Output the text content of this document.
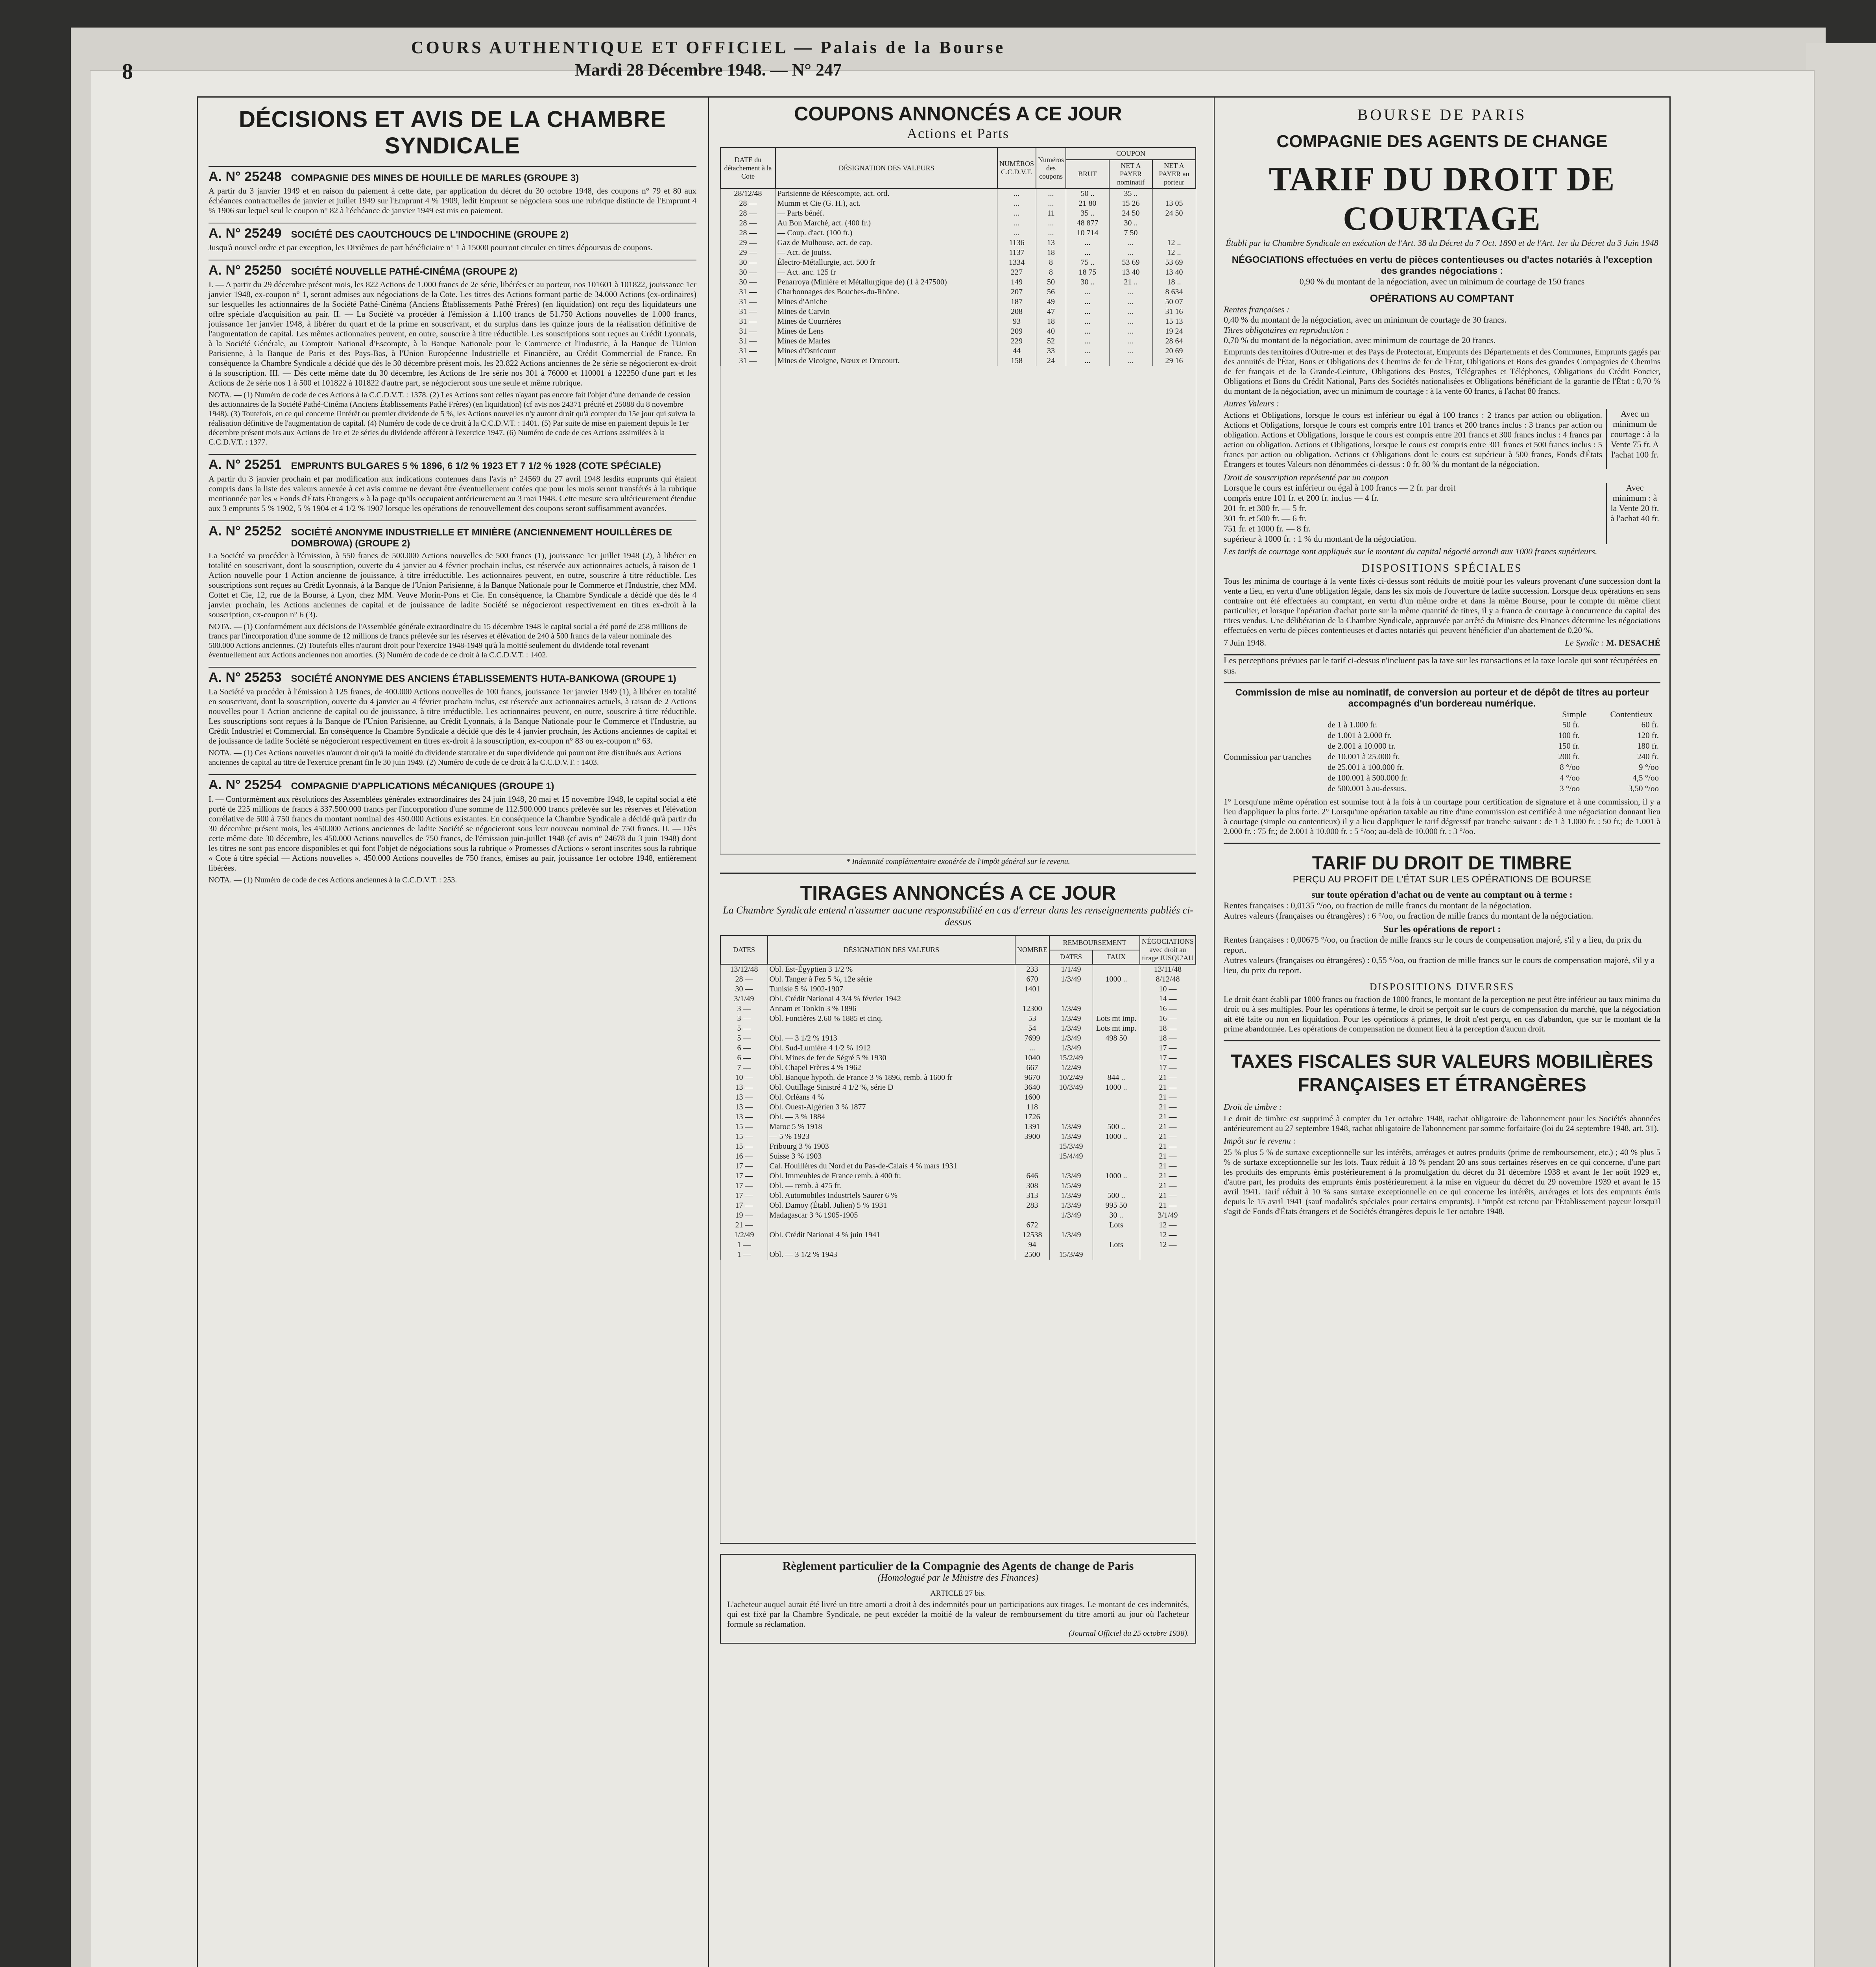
8
COURS AUTHENTIQUE ET OFFICIEL — Palais de la Bourse
Mardi 28 Décembre 1948. — N° 247
DÉCISIONS ET AVIS DE LA CHAMBRE SYNDICALE
A. N° 25248 COMPAGNIE DES MINES DE HOUILLE DE MARLES (GROUPE 3)
A partir du 3 janvier 1949 et en raison du paiement à cette date, par application du décret du 30 octobre 1948, des coupons n° 79 et 80 aux échéances contractuelles de janvier et juillet 1949 sur l'Emprunt 4 % 1909, ledit Emprunt se négociera sous une rubrique distincte de l'Emprunt 4 % 1906 sur lequel seul le coupon n° 82 à l'échéance de janvier 1949 est mis en paiement.
A. N° 25249 SOCIÉTÉ DES CAOUTCHOUCS DE L'INDOCHINE (GROUPE 2)
Jusqu'à nouvel ordre et par exception, les Dixièmes de part bénéficiaire n° 1 à 15000 pourront circuler en titres dépourvus de coupons.
A. N° 25250 SOCIÉTÉ NOUVELLE PATHÉ-CINÉMA (GROUPE 2)
I. — A partir du 29 décembre présent mois, les 822 Actions de 1.000 francs de 2e série, libérées et au porteur, nos 101601 à 101822, jouissance 1er janvier 1948, ex-coupon n° 1, seront admises aux négociations de la Cote. Les titres des Actions formant partie de 34.000 Actions (ex-ordinaires) sur lesquelles les actionnaires de la Société Pathé-Cinéma (Anciens Établissements Pathé Frères) (en liquidation) ont reçu des liquidateurs une offre spéciale d'acquisition au pair. II. — La Société va procéder à l'émission à 1.100 francs de 51.750 Actions nouvelles de 1.000 francs, jouissance 1er janvier 1948, à libérer du quart et de la prime en souscrivant, et du surplus dans les quinze jours de la réalisation définitive de l'augmentation de capital. Les mêmes actionnaires peuvent, en outre, souscrire à titre réductible. Les souscriptions sont reçues au Crédit Lyonnais, à la Société Générale, au Comptoir National d'Escompte, à la Banque Nationale pour le Commerce et l'Industrie, à la Banque de l'Union Parisienne, à la Banque de Paris et des Pays-Bas, à l'Union Européenne Industrielle et Financière, au Crédit Commercial de France. En conséquence la Chambre Syndicale a décidé que dès le 30 décembre présent mois, les 23.822 Actions anciennes de 2e série se négocieront ex-droit à la souscription. III. — Dès cette même date du 30 décembre, les Actions de 1re série nos 301 à 76000 et 110001 à 122250 d'une part et les Actions de 2e série nos 1 à 500 et 101822 à 101822 d'autre part, se négocieront sous une seule et même rubrique.
NOTA. — (1) Numéro de code de ces Actions à la C.C.D.V.T. : 1378. (2) Les Actions sont celles n'ayant pas encore fait l'objet d'une demande de cession des actionnaires de la Société Pathé-Cinéma (Anciens Établissements Pathé Frères) (en liquidation) (cf avis nos 24371 précité et 25088 du 8 novembre 1948). (3) Toutefois, en ce qui concerne l'intérêt ou premier dividende de 5 %, les Actions nouvelles n'y auront droit qu'à compter du 15e jour qui suivra la réalisation définitive de l'augmentation de capital. (4) Numéro de code de ce droit à la C.C.D.V.T. : 1401. (5) Par suite de mise en paiement depuis le 1er décembre présent mois aux Actions de 1re et 2e séries du dividende afférent à l'exercice 1947. (6) Numéro de code de ces Actions assimilées à la C.C.D.V.T. : 1377.
A. N° 25251 EMPRUNTS BULGARES 5 % 1896, 6 1/2 % 1923 ET 7 1/2 % 1928 (COTE SPÉCIALE)
A partir du 3 janvier prochain et par modification aux indications contenues dans l'avis n° 24569 du 27 avril 1948 lesdits emprunts qui étaient compris dans la liste des valeurs annexée à cet avis comme ne devant être éventuellement cotées que pour les mois seront transférés à la rubrique mentionnée par les « Fonds d'États Étrangers » à la page qu'ils occupaient antérieurement au 3 mai 1948. Cette mesure sera ultérieurement étendue aux 3 emprunts 5 % 1902, 5 % 1904 et 4 1/2 % 1907 lorsque les opérations de renouvellement des coupons seront suffisamment avancées.
A. N° 25252 SOCIÉTÉ ANONYME INDUSTRIELLE ET MINIÈRE (ANCIENNEMENT HOUILLÈRES DE DOMBROWA) (GROUPE 2)
La Société va procéder à l'émission, à 550 francs de 500.000 Actions nouvelles de 500 francs (1), jouissance 1er juillet 1948 (2), à libérer en totalité en souscrivant, dont la souscription, ouverte du 4 janvier au 4 février prochain inclus, est réservée aux actionnaires actuels, à raison de 1 Action nouvelle pour 1 Action ancienne de jouissance, à titre irréductible. Les actionnaires peuvent, en outre, souscrire à titre réductible. Les souscriptions sont reçues au Crédit Lyonnais, à la Banque de l'Union Parisienne, à la Banque Nationale pour le Commerce et l'Industrie, chez MM. Cottet et Cie, 12, rue de la Bourse, à Lyon, chez MM. Veuve Morin-Pons et Cie. En conséquence, la Chambre Syndicale a décidé que dès le 4 janvier prochain, les Actions anciennes de capital et de jouissance de ladite Société se négocieront respectivement en titres ex-droit à la souscription, ex-coupon n° 6 (3).
NOTA. — (1) Conformément aux décisions de l'Assemblée générale extraordinaire du 15 décembre 1948 le capital social a été porté de 258 millions de francs par l'incorporation d'une somme de 12 millions de francs prélevée sur les réserves et élévation de 240 à 500 francs de la valeur nominale des 500.000 Actions anciennes. (2) Toutefois elles n'auront droit pour l'exercice 1948-1949 qu'à la moitié seulement du dividende total revenant éventuellement aux Actions anciennes non amorties. (3) Numéro de code de ce droit à la C.C.D.V.T. : 1402.
A. N° 25253 SOCIÉTÉ ANONYME DES ANCIENS ÉTABLISSEMENTS HUTA-BANKOWA (GROUPE 1)
La Société va procéder à l'émission à 125 francs, de 400.000 Actions nouvelles de 100 francs, jouissance 1er janvier 1949 (1), à libérer en totalité en souscrivant, dont la souscription, ouverte du 4 janvier au 4 février prochain inclus, est réservée aux actionnaires actuels, à raison de 2 Actions nouvelles pour 1 Action ancienne de capital ou de jouissance, à titre irréductible. Les actionnaires peuvent, en outre, souscrire à titre réductible. Les souscriptions sont reçues à la Banque de l'Union Parisienne, au Crédit Lyonnais, à la Banque Nationale pour le Commerce et l'Industrie, au Crédit Industriel et Commercial. En conséquence la Chambre Syndicale a décidé que dès le 4 janvier prochain, les Actions anciennes de capital et de jouissance de ladite Société se négocieront respectivement en titres ex-droit à la souscription, ex-coupon n° 83 ou ex-coupon n° 63.
NOTA. — (1) Ces Actions nouvelles n'auront droit qu'à la moitié du dividende statutaire et du superdividende qui pourront être distribués aux Actions anciennes de capital au titre de l'exercice prenant fin le 30 juin 1949. (2) Numéro de code de ce droit à la C.C.D.V.T. : 1403.
A. N° 25254 COMPAGNIE D'APPLICATIONS MÉCANIQUES (GROUPE 1)
I. — Conformément aux résolutions des Assemblées générales extraordinaires des 24 juin 1948, 20 mai et 15 novembre 1948, le capital social a été porté de 225 millions de francs à 337.500.000 francs par l'incorporation d'une somme de 112.500.000 francs prélevée sur les réserves et l'élévation corrélative de 500 à 750 francs du montant nominal des 450.000 Actions existantes. En conséquence la Chambre Syndicale a décidé qu'à partir du 30 décembre présent mois, les 450.000 Actions anciennes de ladite Société se négocieront sous leur nouveau nominal de 750 francs. II. — Dès cette même date 30 décembre, les 450.000 Actions nouvelles de 750 francs, de l'émission juin-juillet 1948 (cf avis n° 24678 du 3 juin 1948) dont les titres ne sont pas encore disponibles et qui font l'objet de négociations sous la rubrique « Promesses d'Actions » seront inscrites sous la rubrique « Cote à titre spécial — Actions nouvelles ». 450.000 Actions nouvelles de 750 francs, émises au pair, jouissance 1er octobre 1948, entièrement libérées.
NOTA. — (1) Numéro de code de ces Actions anciennes à la C.C.D.V.T. : 253.
COUPONS ANNONCÉS A CE JOUR
Actions et Parts
DATE du détachement à la Cote	DÉSIGNATION DES VALEURS	NUMÉROS C.C.D.V.T.	Numéros des coupons	COUPON		
				BRUT	NET A PAYER nominatif	NET A PAYER au porteur
28/12/48	Parisienne de Réescompte, act. ord.	...	...	50 ..	35 ..	
28 —	Mumm et Cie (G. H.), act.	...	...	21 80	15 26	13 05
28 —	— Parts bénéf.	...	11	35 ..	24 50	24 50
28 —	Au Bon Marché, act. (400 fr.)	...	...	48 877	30 ..	
28 —	— Coup. d'act. (100 fr.)	...	...	10 714	7 50	
29 —	Gaz de Mulhouse, act. de cap.	1136	13	...	...	12 ..
29 —	— Act. de jouiss.	1137	18	...	...	12 ..
30 —	Électro-Métallurgie, act. 500 fr	1334	8	75 ..	53 69	53 69
30 —	— Act. anc. 125 fr	227	8	18 75	13 40	13 40
30 —	Penarroya (Minière et Métallurgique de) (1 à 247500)	149	50	30 ..	21 ..	18 ..
31 —	Charbonnages des Bouches-du-Rhône.	207	56	...	...	8 634
31 —	Mines d'Aniche	187	49	...	...	50 07
31 —	Mines de Carvin	208	47	...	...	31 16
31 —	Mines de Courrières	93	18	...	...	15 13
31 —	Mines de Lens	209	40	...	...	19 24
31 —	Mines de Marles	229	52	...	...	28 64
31 —	Mines d'Ostricourt	44	33	...	...	20 69
31 —	Mines de Vicoigne, Nœux et Drocourt.	158	24	...	...	29 16
* Indemnité complémentaire exonérée de l'impôt général sur le revenu.
TIRAGES ANNONCÉS A CE JOUR
La Chambre Syndicale entend n'assumer aucune responsabilité en cas d'erreur dans les renseignements publiés ci-dessus
DATES	DÉSIGNATION DES VALEURS	NOMBRE	REMBOURSEMENT		NÉGOCIATIONS avec droit au tirage JUSQU'AU
			DATES	TAUX	
13/12/48	Obl. Est-Égyptien 3 1/2 %	233	1/1/49		13/11/48
28 —	Obl. Tanger à Fez 5 %, 12e série	670	1/3/49	1000 ..	8/12/48
30 —	Tunisie 5 % 1902-1907	1401			10 —
3/1/49	Obl. Crédit National 4 3/4 % février 1942				14 —
3 —	Annam et Tonkin 3 % 1896	12300	1/3/49		16 —
3 —	Obl. Foncières 2.60 % 1885 et cinq.	53	1/3/49	Lots mt imp.	16 —
5 —		54	1/3/49	Lots mt imp.	18 —
5 —	Obl. — 3 1/2 % 1913	7699	1/3/49	498 50	18 —
6 —	Obl. Sud-Lumière 4 1/2 % 1912	...	1/3/49		17 —
6 —	Obl. Mines de fer de Ségré 5 % 1930	1040	15/2/49		17 —
7 —	Obl. Chapel Frères 4 % 1962	667	1/2/49		17 —
10 —	Obl. Banque hypoth. de France 3 % 1896, remb. à 1600 fr	9670	10/2/49	844 ..	21 —
13 —	Obl. Outillage Sinistré 4 1/2 %, série D	3640	10/3/49	1000 ..	21 —
13 —	Obl. Orléans 4 %	1600			21 —
13 —	Obl. Ouest-Algérien 3 % 1877	118			21 —
13 —	Obl. — 3 % 1884	1726			21 —
15 —	Maroc 5 % 1918	1391	1/3/49	500 ..	21 —
15 —	— 5 % 1923	3900	1/3/49	1000 ..	21 —
15 —	Fribourg 3 % 1903		15/3/49		21 —
16 —	Suisse 3 % 1903		15/4/49		21 —
17 —	Cal. Houillères du Nord et du Pas-de-Calais 4 % mars 1931				21 —
17 —	Obl. Immeubles de France remb. à 400 fr.	646	1/3/49	1000 ..	21 —
17 —	Obl. — remb. à 475 fr.	308	1/5/49		21 —
17 —	Obl. Automobiles Industriels Saurer 6 %	313	1/3/49	500 ..	21 —
17 —	Obl. Damoy (Établ. Julien) 5 % 1931	283	1/3/49	995 50	21 —
19 —	Madagascar 3 % 1905-1905		1/3/49	30 ..	3/1/49
21 —		672		Lots	12 —
1/2/49	Obl. Crédit National 4 % juin 1941	12538	1/3/49		12 —
1 —		94		Lots	12 —
1 —	Obl. — 3 1/2 % 1943	2500	15/3/49		
Règlement particulier de la Compagnie des Agents de change de Paris
(Homologué par le Ministre des Finances)
ARTICLE 27 bis.
L'acheteur auquel aurait été livré un titre amorti a droit à des indemnités pour un participations aux tirages. Le montant de ces indemnités, qui est fixé par la Chambre Syndicale, ne peut excéder la moitié de la valeur de remboursement du titre amorti au jour où l'acheteur formule sa réclamation.
(Journal Officiel du 25 octobre 1938).
BOURSE DE PARIS
COMPAGNIE DES AGENTS DE CHANGE
TARIF DU DROIT DE COURTAGE
Établi par la Chambre Syndicale en exécution de l'Art. 38 du Décret du 7 Oct. 1890 et de l'Art. 1er du Décret du 3 Juin 1948
NÉGOCIATIONS effectuées en vertu de pièces contentieuses ou d'actes notariés à l'exception des grandes négociations :
0,90 % du montant de la négociation, avec un minimum de courtage de 150 francs
OPÉRATIONS AU COMPTANT
Rentes françaises :
0,40 % du montant de la négociation, avec un minimum de courtage de 30 francs.
Titres obligataires en reproduction :
0,70 % du montant de la négociation, avec minimum de courtage de 20 francs.
Emprunts des territoires d'Outre-mer et des Pays de Protectorat, Emprunts des Départements et des Communes, Emprunts gagés par des annuités de l'État, Bons et Obligations des Chemins de fer de l'État, Obligations et Bons des grandes Compagnies de Chemins de fer français et de la Grande-Ceinture, Obligations des Postes, Télégraphes et Téléphones, Obligations du Crédit Foncier, Obligations et Bons du Crédit National, Parts des Sociétés nationalisées et Obligations bénéficiant de la garantie de l'État : 0,70 % du montant de la négociation, avec un minimum de courtage : à la vente 60 francs, à l'achat 80 francs.
Autres Valeurs :
Actions et Obligations, lorsque le cours est inférieur ou égal à 100 francs : 2 francs par action ou obligation. Actions et Obligations, lorsque le cours est compris entre 101 francs et 200 francs inclus : 3 francs par action ou obligation. Actions et Obligations, lorsque le cours est compris entre 201 francs et 300 francs inclus : 4 francs par action ou obligation. Actions et Obligations, lorsque le cours est compris entre 301 francs et 500 francs inclus : 5 francs par action ou obligation. Actions et Obligations dont le cours est supérieur à 500 francs, Fonds d'États Étrangers et toutes Valeurs non dénommées ci-dessus : 0 fr. 80 % du montant de la négociation.
Avec un minimum de courtage : à la Vente 75 fr. A l'achat 100 fr.
Droit de souscription représenté par un coupon
Lorsque le cours est inférieur ou égal à 100 francs — 2 fr. par droit
compris entre 101 fr. et 200 fr. inclus — 4 fr.
201 fr. et 300 fr. — 5 fr.
301 fr. et 500 fr. — 6 fr.
751 fr. et 1000 fr. — 8 fr.
supérieur à 1000 fr. : 1 % du montant de la négociation.
Avec minimum : à la Vente 20 fr. à l'achat 40 fr.
Les tarifs de courtage sont appliqués sur le montant du capital négocié arrondi aux 1000 francs supérieurs.
DISPOSITIONS SPÉCIALES
Tous les minima de courtage à la vente fixés ci-dessus sont réduits de moitié pour les valeurs provenant d'une succession dont la vente a lieu, en vertu d'une obligation légale, dans les six mois de l'ouverture de ladite succession. Lorsque deux opérations en sens contraire ont été effectuées au comptant, en vertu d'un même ordre et dans la même Bourse, pour le compte du même client particulier, et lorsque l'opération d'achat porte sur la même quantité de titres, il y a franco de courtage à concurrence du capital des titres vendus. Une délibération de la Chambre Syndicale, approuvée par arrêté du Ministre des Finances détermine les négociations effectuées en vertu de pièces contentieuses et d'actes notariés qui peuvent bénéficier d'un abattement de 0,20 %.
7 Juin 1948.	Le Syndic : M. DESACHÉ
Les perceptions prévues par le tarif ci-dessus n'incluent pas la taxe sur les transactions et la taxe locale qui sont récupérées en sus.
Commission de mise au nominatif, de conversion au porteur et de dépôt de titres au porteur accompagnés d'un bordereau numérique.
Simple	Contentieux
Commission par tranches
de 1 à 1.000 fr.	50 fr.	60 fr.
de 1.001 à 2.000 fr.	100 fr.	120 fr.
de 2.001 à 10.000 fr.	150 fr.	180 fr.
de 10.001 à 25.000 fr.	200 fr.	240 fr.
de 25.001 à 100.000 fr.	8 °/oo	9 °/oo
de 100.001 à 500.000 fr.	4 °/oo	4,5 °/oo
de 500.001 à au-dessus.	3 °/oo	3,50 °/oo
1° Lorsqu'une même opération est soumise tout à la fois à un courtage pour certification de signature et à une commission, il y a lieu d'appliquer la plus forte. 2° Lorsqu'une opération taxable au titre d'une commission est certifiée à une négociation donnant lieu à courtage (simple ou contentieux) il y a lieu d'appliquer le tarif dégressif par tranche suivant : de 1 à 1.000 fr. : 50 fr.; de 1.001 à 2.000 fr. : 75 fr.; de 2.001 à 10.000 fr. : 5 °/oo; au-delà de 10.000 fr. : 3 °/oo.
TARIF DU DROIT DE TIMBRE
PERÇU AU PROFIT DE L'ÉTAT SUR LES OPÉRATIONS DE BOURSE
sur toute opération d'achat ou de vente au comptant ou à terme :
Rentes françaises : 0,0135 °/oo, ou fraction de mille francs du montant de la négociation.
Autres valeurs (françaises ou étrangères) : 6 °/oo, ou fraction de mille francs du montant de la négociation.
Sur les opérations de report :
Rentes françaises : 0,00675 °/oo, ou fraction de mille francs sur le cours de compensation majoré, s'il y a lieu, du prix du report.
Autres valeurs (françaises ou étrangères) : 0,55 °/oo, ou fraction de mille francs sur le cours de compensation majoré, s'il y a lieu, du prix du report.
DISPOSITIONS DIVERSES
Le droit étant établi par 1000 francs ou fraction de 1000 francs, le montant de la perception ne peut être inférieur au taux minima du droit ou à ses multiples. Pour les opérations à terme, le droit se perçoit sur le cours de compensation du marché, que la négociation ait été faite ou non en liquidation. Pour les opérations à primes, le droit n'est perçu, en cas d'abandon, que sur le montant de la prime abandonnée. Les opérations de compensation ne donnent lieu à la perception d'aucun droit.
TAXES FISCALES SUR VALEURS MOBILIÈRES FRANÇAISES ET ÉTRANGÈRES
Droit de timbre :
Le droit de timbre est supprimé à compter du 1er octobre 1948, rachat obligatoire de l'abonnement pour les Sociétés abonnées antérieurement au 27 septembre 1948, rachat obligatoire de l'abonnement par somme forfaitaire (loi du 24 septembre 1948, art. 31).
Impôt sur le revenu :
25 % plus 5 % de surtaxe exceptionnelle sur les intérêts, arrérages et autres produits (prime de remboursement, etc.) ; 40 % plus 5 % de surtaxe exceptionnelle sur les lots. Taux réduit à 18 % pendant 20 ans sous certaines réserves en ce qui concerne, d'une part les produits des emprunts émis postérieurement à la promulgation du décret du 31 décembre 1938 et avant le 1er août 1929 et, d'autre part, les produits des emprunts émis postérieurement à la mise en vigueur du décret du 29 novembre 1939 et avant le 15 avril 1941. Tarif réduit à 10 % sans surtaxe exceptionnelle en ce qui concerne les intérêts, arrérages et lots des emprunts émis depuis le 15 avril 1941 (sauf modalités spéciales pour certains emprunts). L'impôt est retenu par l'Établissement payeur lorsqu'il s'agit de Fonds d'États étrangers et de Sociétés étrangères depuis le 1er octobre 1948.
